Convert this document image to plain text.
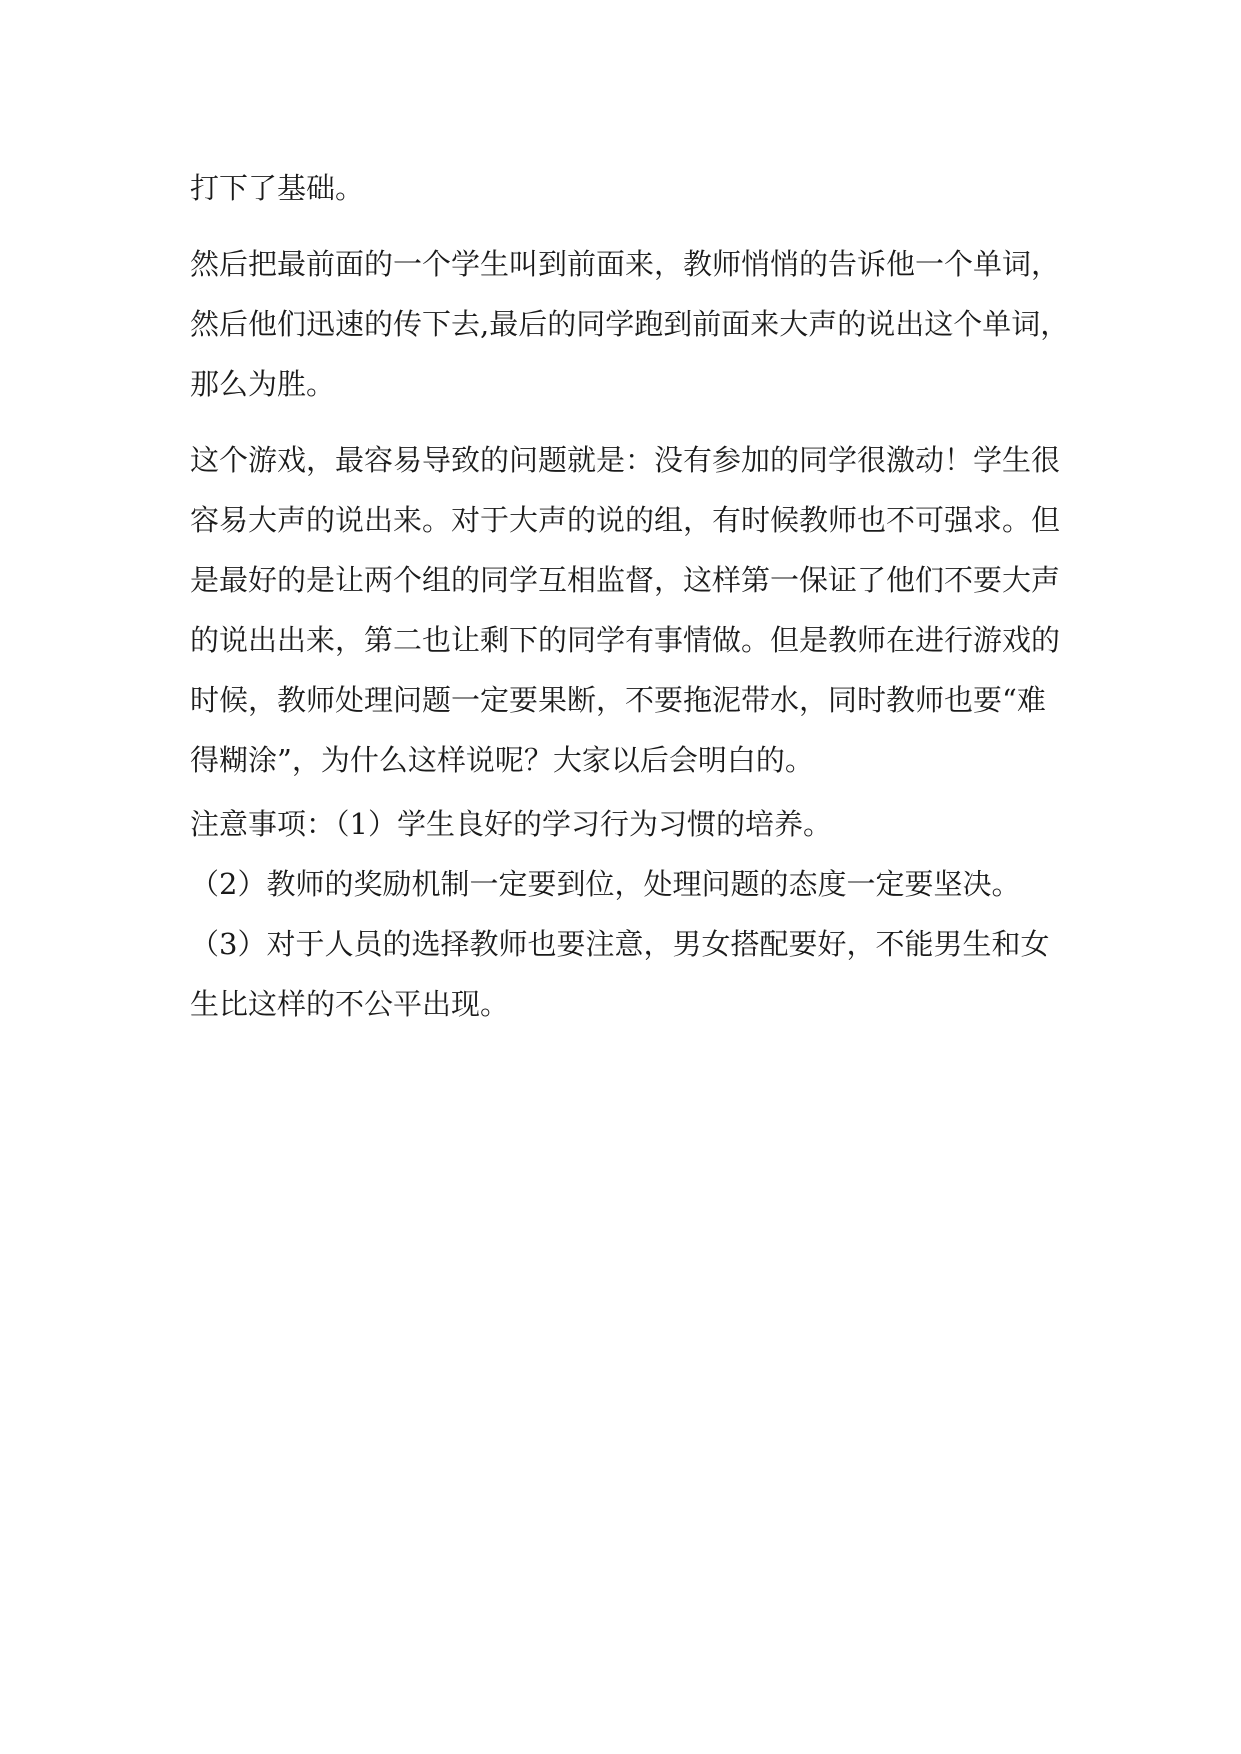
打下了基础。
然后把最前面的一个学生叫到前面来，教师悄悄的告诉他一个单词，
然后他们迅速的传下去,最后的同学跑到前面来大声的说出这个单词，
那么为胜。
这个游戏，最容易导致的问题就是：没有参加的同学很激动！学生很
容易大声的说出来。对于大声的说的组，有时候教师也不可强求。但
是最好的是让两个组的同学互相监督，这样第一保证了他们不要大声
的说出出来，第二也让剩下的同学有事情做。但是教师在进行游戏的
时候，教师处理问题一定要果断，不要拖泥带水，同时教师也要“难
得糊涂”，为什么这样说呢？大家以后会明白的。
注意事项：（1）学生良好的学习行为习惯的培养。
（2）教师的奖励机制一定要到位，处理问题的态度一定要坚决。
（3）对于人员的选择教师也要注意，男女搭配要好，不能男生和女
生比这样的不公平出现。
